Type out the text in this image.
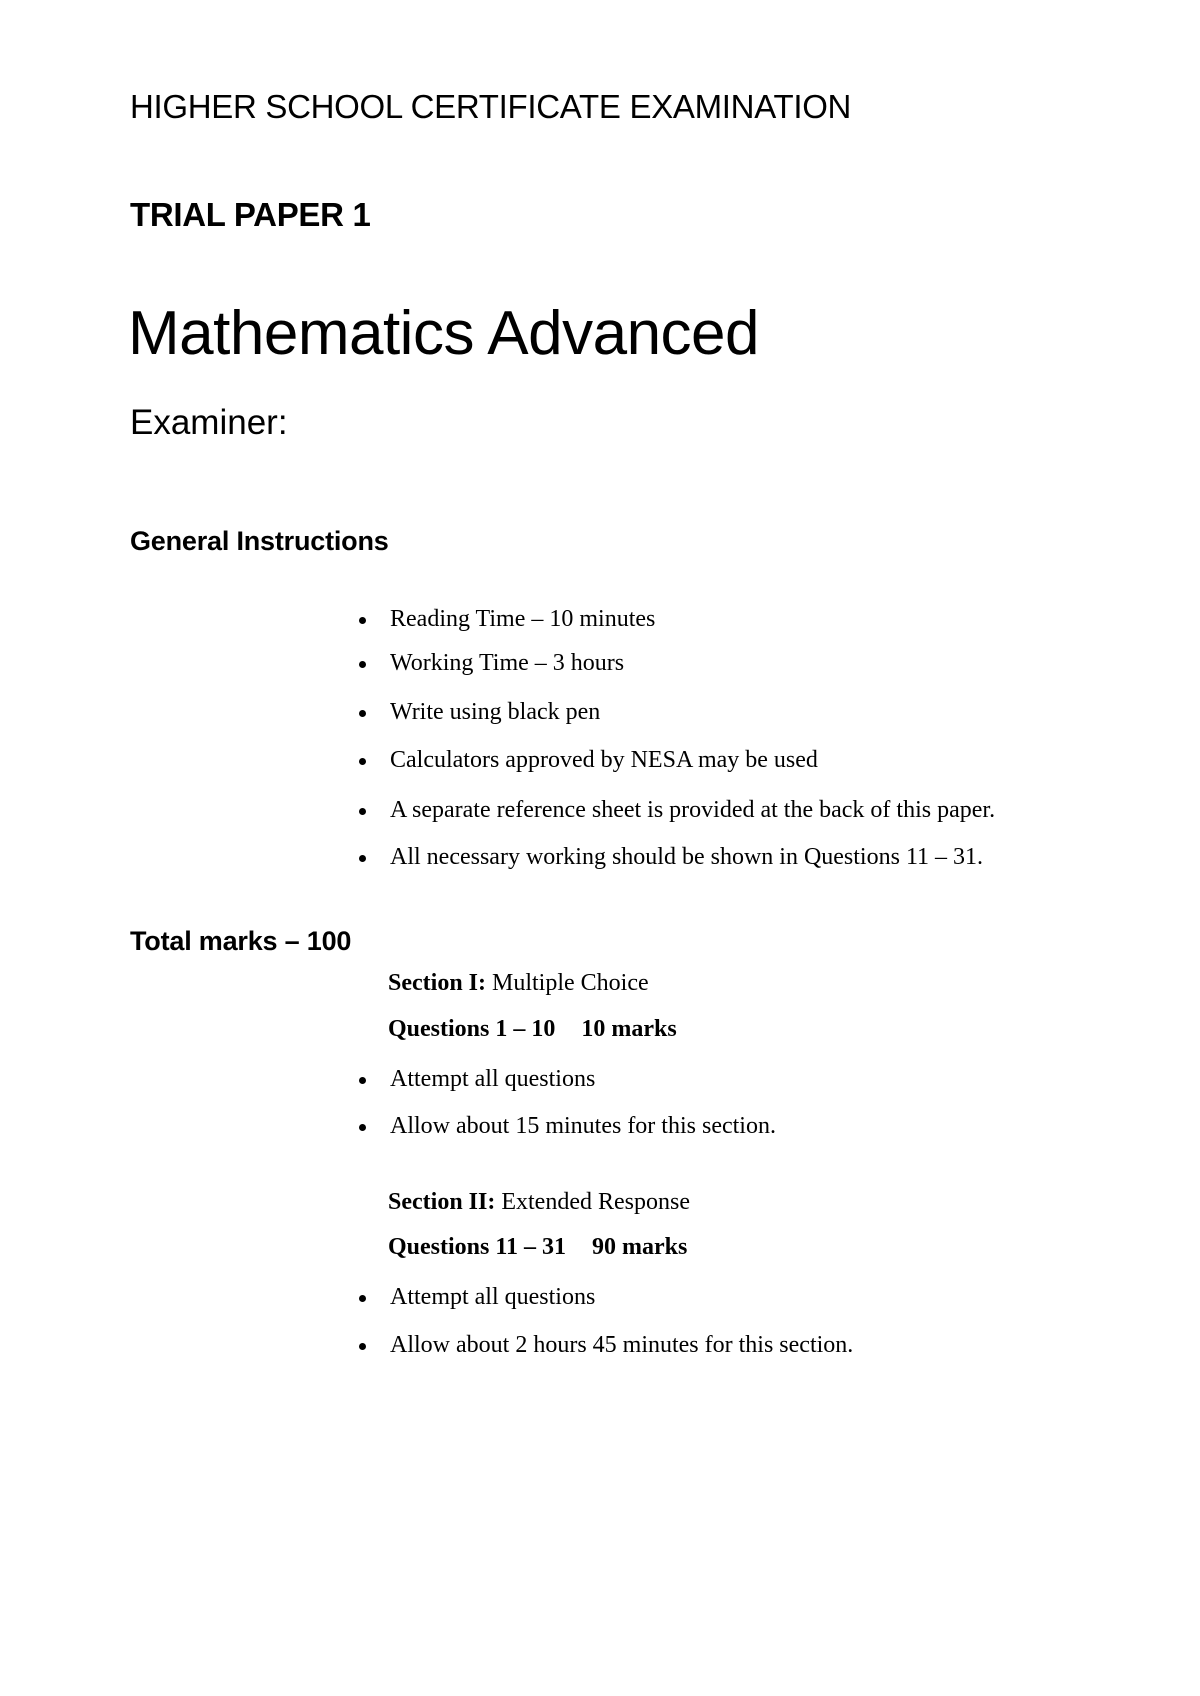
HIGHER SCHOOL CERTIFICATE EXAMINATION

TRIAL PAPER 1

Mathematics Advanced

Examiner:

General Instructions

Reading Time – 10 minutes
Working Time – 3 hours
Write using black pen
Calculators approved by NESA may be used
A separate reference sheet is provided at the back of this paper.
All necessary working should be shown in Questions 11 – 31.

Total marks – 100

Section I: Multiple Choice

Questions 1 – 10 10 marks

Attempt all questions
Allow about 15 minutes for this section.

Section II: Extended Response

Questions 11 – 31 90 marks

Attempt all questions
Allow about 2 hours 45 minutes for this section.
